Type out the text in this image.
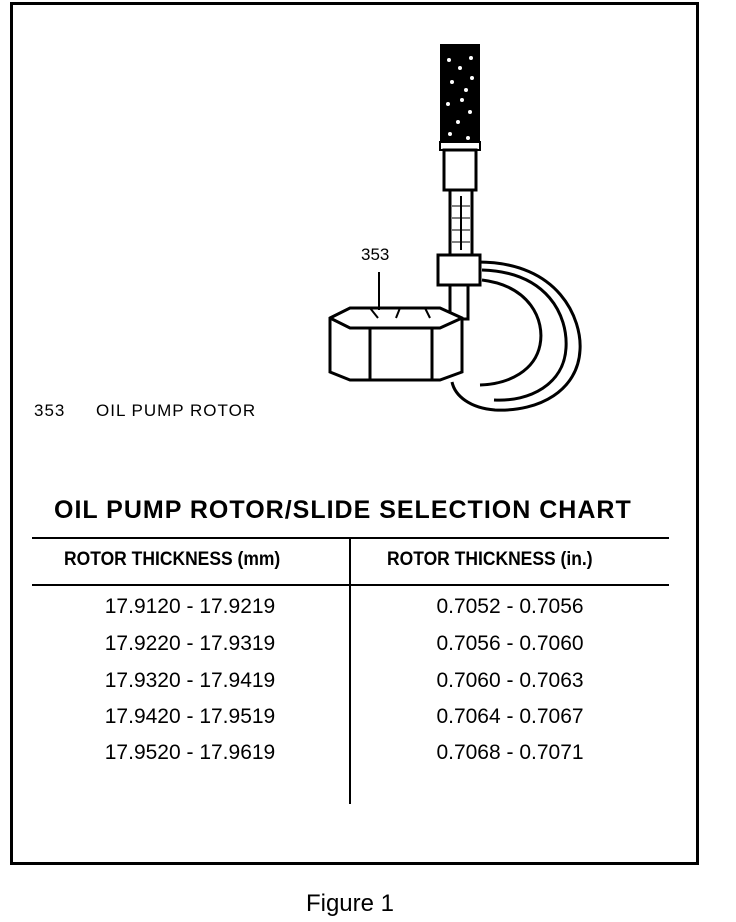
353
353 OIL PUMP ROTOR
OIL PUMP ROTOR/SLIDE SELECTION CHART
ROTOR THICKNESS (mm)	ROTOR THICKNESS (in.)
17.9120 - 17.9219	0.7052 - 0.7056
17.9220 - 17.9319	0.7056 - 0.7060
17.9320 - 17.9419	0.7060 - 0.7063
17.9420 - 17.9519	0.7064 - 0.7067
17.9520 - 17.9619	0.7068 - 0.7071
Figure 1
